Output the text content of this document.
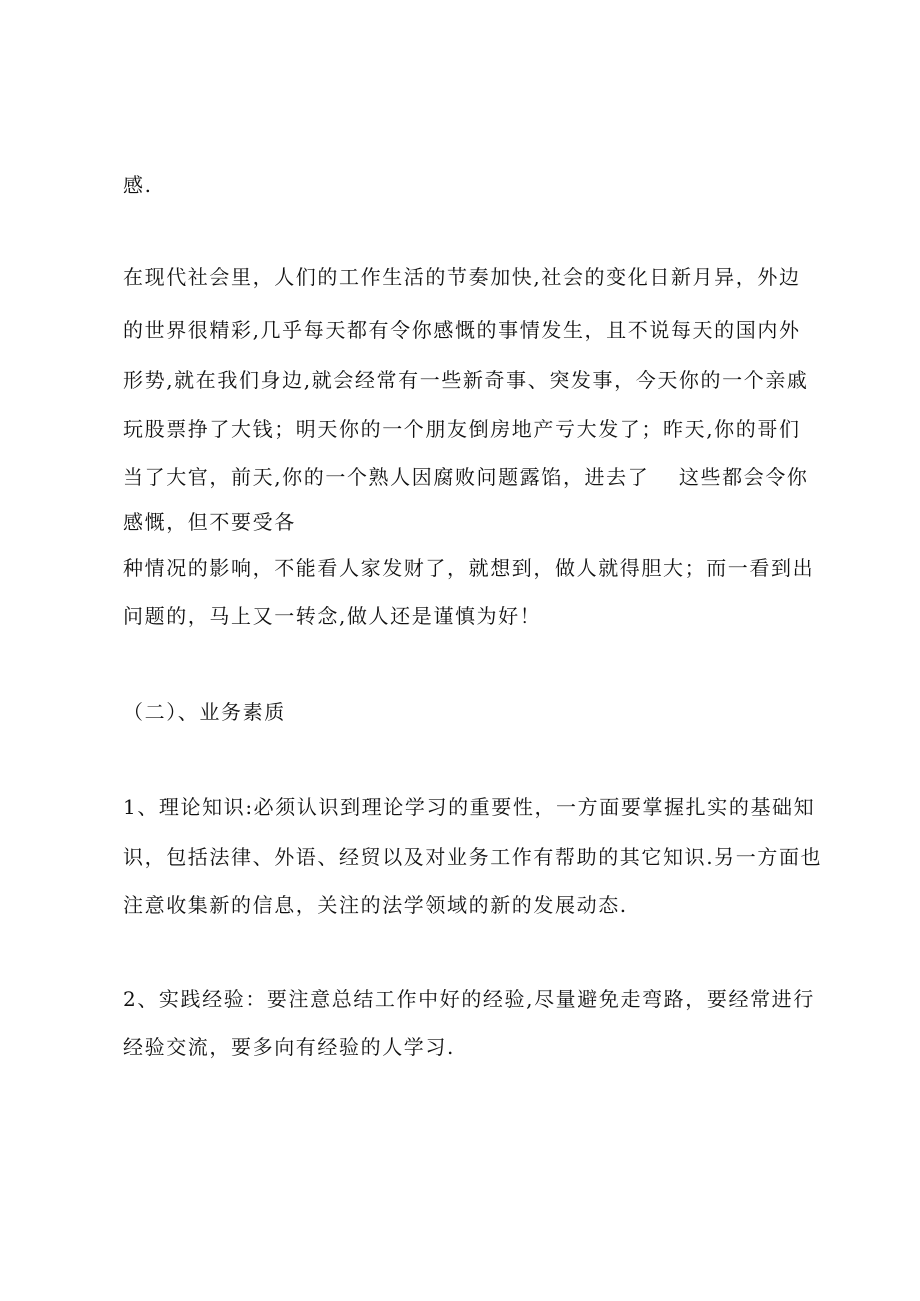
感.
在现代社会里，人们的工作生活的节奏加快,社会的变化日新月异，外边
的世界很精彩,几乎每天都有令你感慨的事情发生，且不说每天的国内外
形势,就在我们身边,就会经常有一些新奇事、突发事，今天你的一个亲戚
玩股票挣了大钱；明天你的一个朋友倒房地产亏大发了；昨天,你的哥们
当了大官，前天,你的一个熟人因腐败问题露馅，进去了　 这些都会令你
感慨，但不要受各
种情况的影响，不能看人家发财了，就想到，做人就得胆大；而一看到出
问题的，马上又一转念,做人还是谨慎为好！
（二）、业务素质
1、理论知识:必须认识到理论学习的重要性，一方面要掌握扎实的基础知
识，包括法律、外语、经贸以及对业务工作有帮助的其它知识.另一方面也
注意收集新的信息，关注的法学领域的新的发展动态.
2、实践经验：要注意总结工作中好的经验,尽量避免走弯路，要经常进行
经验交流，要多向有经验的人学习.
